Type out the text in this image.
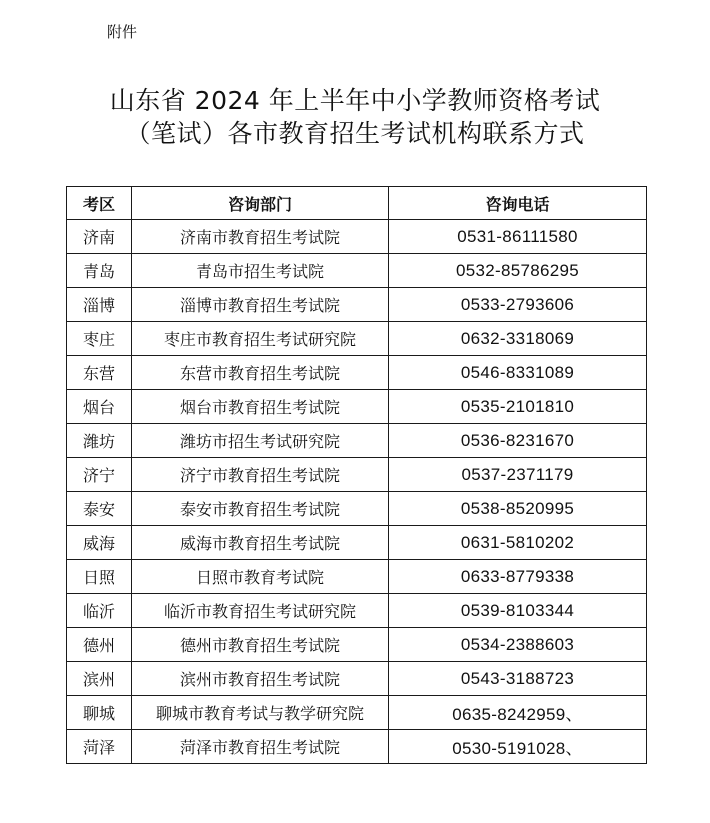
附件
山东省 2024 年上半年中小学教师资格考试
（笔试）各市教育招生考试机构联系方式
考区	咨询部门	咨询电话
济南	济南市教育招生考试院	0531-86111580
青岛	青岛市招生考试院	0532-85786295
淄博	淄博市教育招生考试院	0533-2793606
枣庄	枣庄市教育招生考试研究院	0632-3318069
东营	东营市教育招生考试院	0546-8331089
烟台	烟台市教育招生考试院	0535-2101810
潍坊	潍坊市招生考试研究院	0536-8231670
济宁	济宁市教育招生考试院	0537-2371179
泰安	泰安市教育招生考试院	0538-8520995
威海	威海市教育招生考试院	0631-5810202
日照	日照市教育考试院	0633-8779338
临沂	临沂市教育招生考试研究院	0539-8103344
德州	德州市教育招生考试院	0534-2388603
滨州	滨州市教育招生考试院	0543-3188723
聊城	聊城市教育考试与教学研究院	0635-8242959、
菏泽	菏泽市教育招生考试院	0530-5191028、
